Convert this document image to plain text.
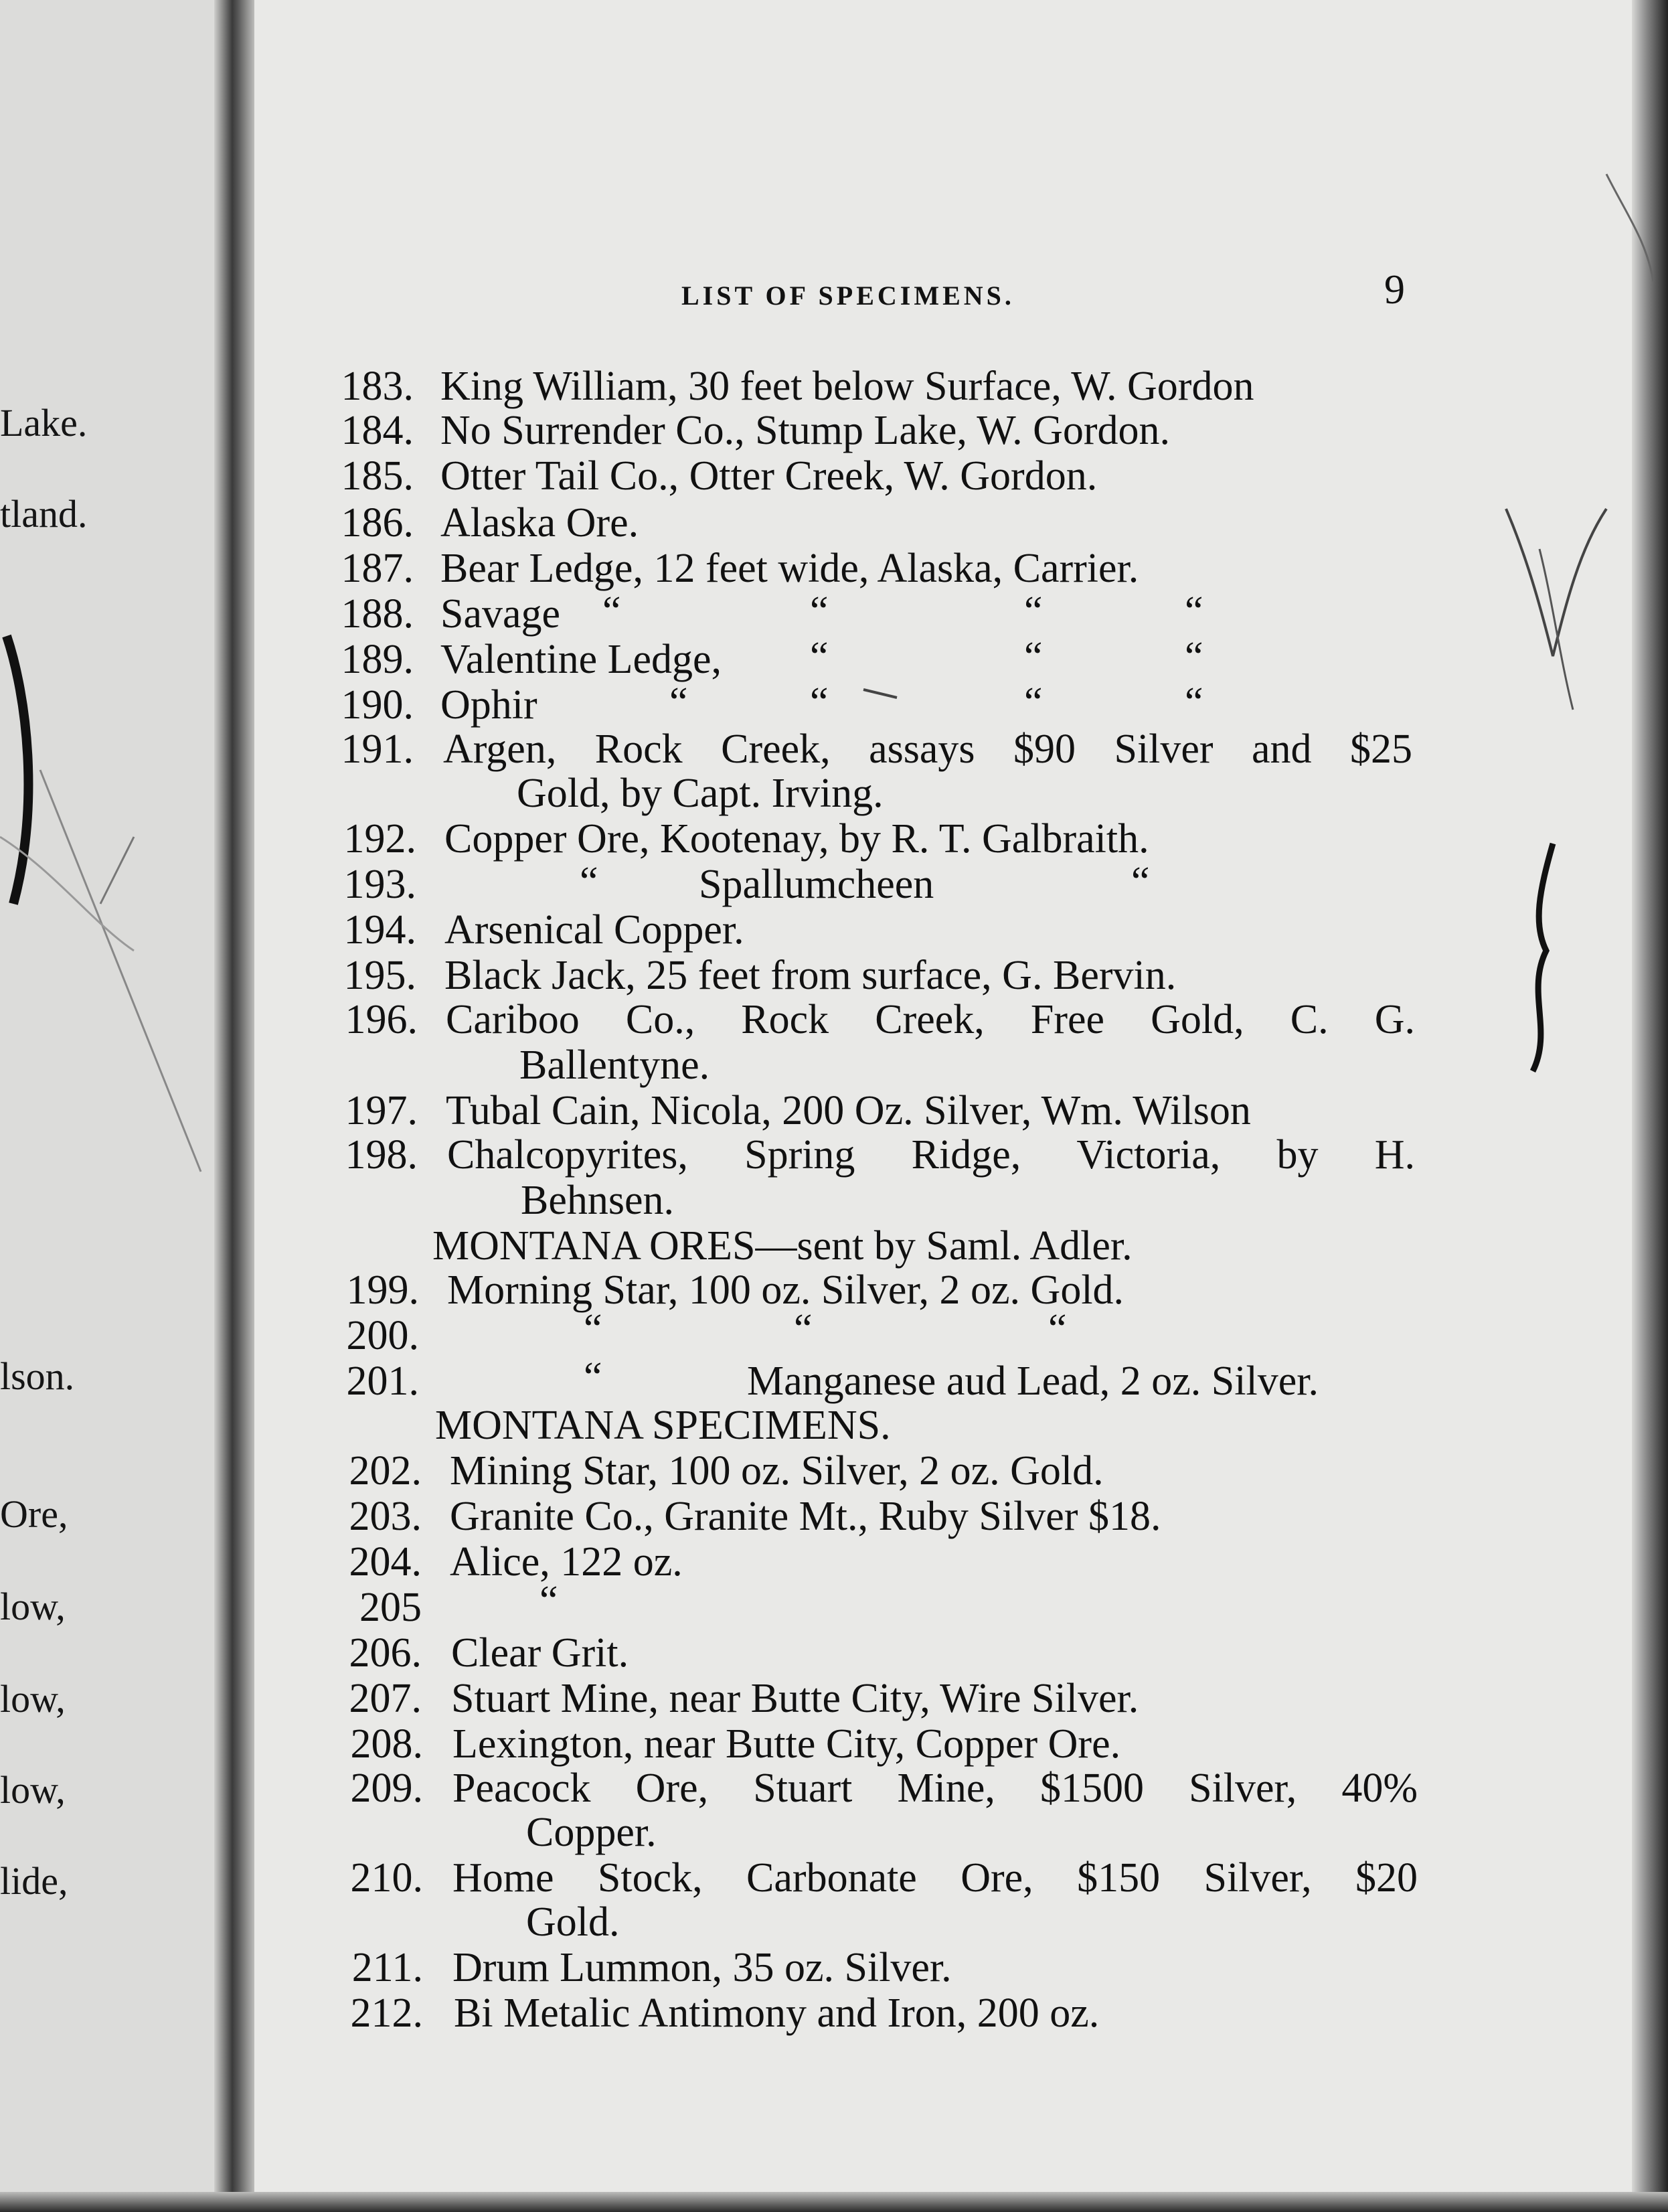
Lake.
tland.
lson.
Ore,
low,
low,
low,
lide,
LIST OF SPECIMENS.	9
183. King William, 30 feet below Surface, W. Gordon
184. No Surrender Co., Stump Lake, W. Gordon.
185. Otter Tail Co., Otter Creek, W. Gordon.
186. Alaska Ore.
187. Bear Ledge, 12 feet wide, Alaska, Carrier.
188. Savage “	“	“	“
189. Valentine Ledge, “	“	“
190. Ophir	“	“	“	“
191. Argen, Rock Creek, assays $90 Silver and $25
Gold, by Capt. Irving.
192. Copper Ore, Kootenay, by R. T. Galbraith.
193.	“ Spallumcheen	“
194. Arsenical Copper.
195. Black Jack, 25 feet from surface, G. Bervin.
196. Cariboo Co., Rock Creek, Free Gold, C. G.
Ballentyne.
197. Tubal Cain, Nicola, 200 Oz. Silver, Wm. Wilson
198. Chalcopyrites, Spring Ridge, Victoria, by H.
Behnsen.
MONTANA ORES—sent by Saml. Adler.
199. Morning Star, 100 oz. Silver, 2 oz. Gold.
200.	“	“	“
201.	“	Manganese aud Lead, 2 oz. Silver.
MONTANA SPECIMENS.
202. Mining Star, 100 oz. Silver, 2 oz. Gold.
203. Granite Co., Granite Mt., Ruby Silver $18.
204. Alice, 122 oz.
205	“
206. Clear Grit.
207. Stuart Mine, near Butte City, Wire Silver.
208. Lexington, near Butte City, Copper Ore.
209. Peacock Ore, Stuart Mine, $1500 Silver, 40%
Copper.
210. Home Stock, Carbonate Ore, $150 Silver, $20
Gold.
211. Drum Lummon, 35 oz. Silver.
212. Bi Metalic Antimony and Iron, 200 oz.
